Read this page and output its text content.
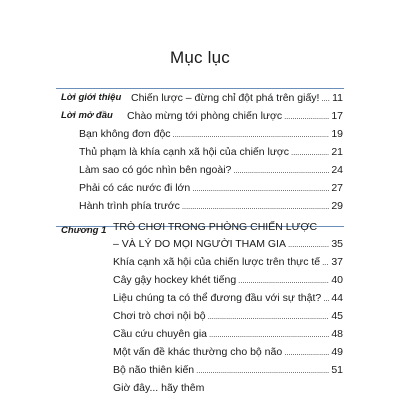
Mục lục
Lời giới thiệu Chiến lược – đừng chỉ đột phá trên giấy! . . . 11
Lời mở đầu Chào mừng tới phòng chiến lược . . .	17
Bạn không đơn độc . . .	19
Thủ phạm là khía cạnh xã hội của chiến lược . . .	21
Làm sao có góc nhìn bên ngoài? . . .	24
Phải có các nước đi lớn . . .	27
Hành trình phía trước . . .	29
Chương 1 TRÒ CHƠI TRONG PHÒNG CHIẾN LƯỢC
– VÀ LÝ DO MỌI NGƯỜI THAM GIA . . .	35
Khía cạnh xã hội của chiến lược trên thực tế . . . 37
Cây gậy hockey khét tiếng . . .	40
Liệu chúng ta có thể đương đầu với sự thật? . . . 44
Chơi trò chơi nội bộ . . .	45
Cầu cứu chuyên gia . . .	48
Một vấn đề khác thường cho bộ não . . .	49
Bộ não thiên kiến . . .	51
Giờ đây... hãy thêm
